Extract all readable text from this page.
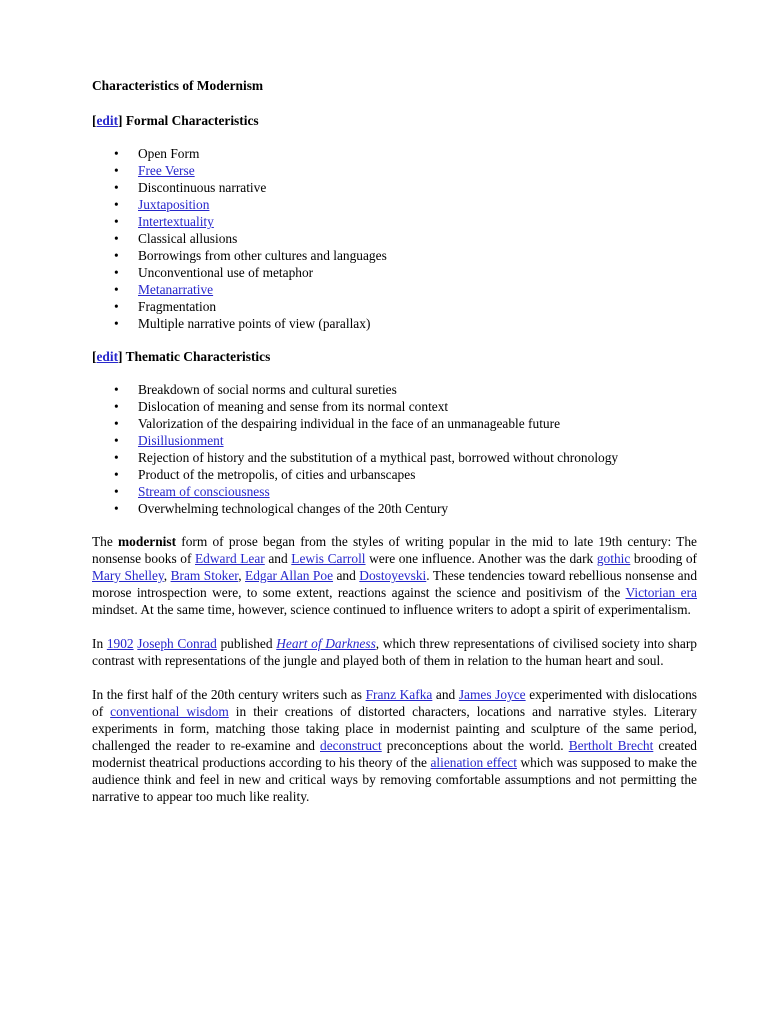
Characteristics of Modernism
[edit] Formal Characteristics
• Open Form
• Free Verse
• Discontinuous narrative
• Juxtaposition
• Intertextuality
• Classical allusions
• Borrowings from other cultures and languages
• Unconventional use of metaphor
• Metanarrative
• Fragmentation
• Multiple narrative points of view (parallax)
[edit] Thematic Characteristics
• Breakdown of social norms and cultural sureties
• Dislocation of meaning and sense from its normal context
• Valorization of the despairing individual in the face of an unmanageable future
• Disillusionment
• Rejection of history and the substitution of a mythical past, borrowed without chronology
• Product of the metropolis, of cities and urbanscapes
• Stream of consciousness
• Overwhelming technological changes of the 20th Century

The modernist form of prose began from the styles of writing popular in the mid to late 19th century: The nonsense books of Edward Lear and Lewis Carroll were one influence. Another was the dark gothic brooding of Mary Shelley, Bram Stoker, Edgar Allan Poe and Dostoyevski. These tendencies toward rebellious nonsense and morose introspection were, to some extent, reactions against the science and positivism of the Victorian era mindset. At the same time, however, science continued to influence writers to adopt a spirit of experimentalism.

In 1902 Joseph Conrad published Heart of Darkness, which threw representations of civilised society into sharp contrast with representations of the jungle and played both of them in relation to the human heart and soul.

In the first half of the 20th century writers such as Franz Kafka and James Joyce experimented with dislocations of conventional wisdom in their creations of distorted characters, locations and narrative styles. Literary experiments in form, matching those taking place in modernist painting and sculpture of the same period, challenged the reader to re-examine and deconstruct preconceptions about the world. Bertholt Brecht created modernist theatrical productions according to his theory of the alienation effect which was supposed to make the audience think and feel in new and critical ways by removing comfortable assumptions and not permitting the narrative to appear too much like reality.
